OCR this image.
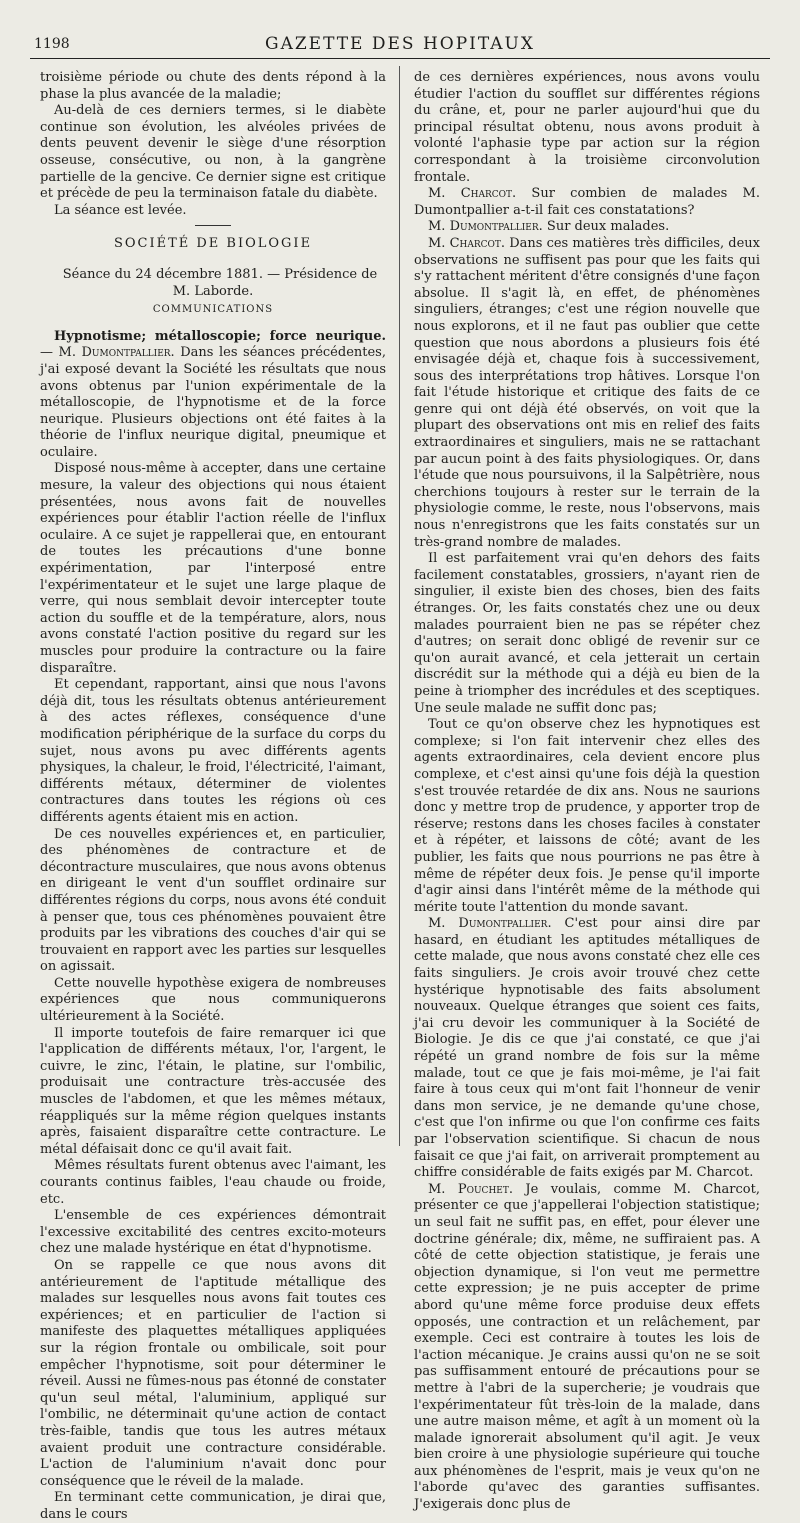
1198	GAZETTE DES HOPITAUX

troisième période ou chute des dents répond à la phase la plus avancée de la maladie;

Au-delà de ces derniers termes, si le diabète continue son évolution, les alvéoles privées de dents peuvent devenir le siège d'une résorption osseuse, consécutive, ou non, à la gangrène partielle de la gencive. Ce dernier signe est critique et précède de peu la terminaison fatale du diabète.

La séance est levée.

SOCIÉTÉ DE BIOLOGIE

Séance du 24 décembre 1881. — Présidence de M. Laborde.

COMMUNICATIONS

Hypnotisme; métalloscopie; force neurique. — M. Dumontpallier. Dans les séances précédentes, j'ai exposé devant la Société les résultats que nous avons obtenus par l'union expérimentale de la métalloscopie, de l'hypnotisme et de la force neurique. Plusieurs objections ont été faites à la théorie de l'influx neurique digital, pneumique et oculaire.

Disposé nous-même à accepter, dans une certaine mesure, la valeur des objections qui nous étaient présentées, nous avons fait de nouvelles expériences pour établir l'action réelle de l'influx oculaire. A ce sujet je rappellerai que, en entourant de toutes les précautions d'une bonne expérimentation, par l'interposé entre l'expérimentateur et le sujet une large plaque de verre, qui nous semblait devoir intercepter toute action du souffle et de la température, alors, nous avons constaté l'action positive du regard sur les muscles pour produire la contracture ou la faire disparaître.

Et cependant, rapportant, ainsi que nous l'avons déjà dit, tous les résultats obtenus antérieurement à des actes réflexes, conséquence d'une modification périphérique de la surface du corps du sujet, nous avons pu avec différents agents physiques, la chaleur, le froid, l'électricité, l'aimant, différents métaux, déterminer de violentes contractures dans toutes les régions où ces différents agents étaient mis en action.

De ces nouvelles expériences et, en particulier, des phénomènes de contracture et de décontracture musculaires, que nous avons obtenus en dirigeant le vent d'un soufflet ordinaire sur différentes régions du corps, nous avons été conduit à penser que, tous ces phénomènes pouvaient être produits par les vibrations des couches d'air qui se trouvaient en rapport avec les parties sur lesquelles on agissait.

Cette nouvelle hypothèse exigera de nombreuses expériences que nous communiquerons ultérieurement à la Société.

Il importe toutefois de faire remarquer ici que l'application de différents métaux, l'or, l'argent, le cuivre, le zinc, l'étain, le platine, sur l'ombilic, produisait une contracture très-accusée des muscles de l'abdomen, et que les mêmes métaux, réappliqués sur la même région quelques instants après, faisaient disparaître cette contracture. Le métal défaisait donc ce qu'il avait fait.

Mêmes résultats furent obtenus avec l'aimant, les courants continus faibles, l'eau chaude ou froide, etc.

L'ensemble de ces expériences démontrait l'excessive excitabilité des centres excito-moteurs chez une malade hystérique en état d'hypnotisme.

On se rappelle ce que nous avons dit antérieurement de l'aptitude métallique des malades sur lesquelles nous avons fait toutes ces expériences; et en particulier de l'action si manifeste des plaquettes métalliques appliquées sur la région frontale ou ombilicale, soit pour empêcher l'hypnotisme, soit pour déterminer le réveil. Aussi ne fûmes-nous pas étonné de constater qu'un seul métal, l'aluminium, appliqué sur l'ombilic, ne déterminait qu'une action de contact très-faible, tandis que tous les autres métaux avaient produit une contracture considérable. L'action de l'aluminium n'avait donc pour conséquence que le réveil de la malade.

En terminant cette communication, je dirai que, dans le cours

de ces dernières expériences, nous avons voulu étudier l'action du soufflet sur différentes régions du crâne, et, pour ne parler aujourd'hui que du principal résultat obtenu, nous avons produit à volonté l'aphasie type par action sur la région correspondant à la troisième circonvolution frontale.

M. Charcot. Sur combien de malades M. Dumontpallier a-t-il fait ces constatations?

M. Dumontpallier. Sur deux malades.

M. Charcot. Dans ces matières très difficiles, deux observations ne suffisent pas pour que les faits qui s'y rattachent méritent d'être consignés d'une façon absolue. Il s'agit là, en effet, de phénomènes singuliers, étranges; c'est une région nouvelle que nous explorons, et il ne faut pas oublier que cette question que nous abordons a plusieurs fois été envisagée déjà et, chaque fois à successivement, sous des interprétations trop hâtives. Lorsque l'on fait l'étude historique et critique des faits de ce genre qui ont déjà été observés, on voit que la plupart des observations ont mis en relief des faits extraordinaires et singuliers, mais ne se rattachant par aucun point à des faits physiologiques. Or, dans l'étude que nous poursuivons, il la Salpêtrière, nous cherchions toujours à rester sur le terrain de la physiologie comme, le reste, nous l'observons, mais nous n'enregistrons que les faits constatés sur un très-grand nombre de malades.

Il est parfaitement vrai qu'en dehors des faits facilement constatables, grossiers, n'ayant rien de singulier, il existe bien des choses, bien des faits étranges. Or, les faits constatés chez une ou deux malades pourraient bien ne pas se répéter chez d'autres; on serait donc obligé de revenir sur ce qu'on aurait avancé, et cela jetterait un certain discrédit sur la méthode qui a déjà eu bien de la peine à triompher des incrédules et des sceptiques. Une seule malade ne suffit donc pas;

Tout ce qu'on observe chez les hypnotiques est complexe; si l'on fait intervenir chez elles des agents extraordinaires, cela devient encore plus complexe, et c'est ainsi qu'une fois déjà la question s'est trouvée retardée de dix ans. Nous ne saurions donc y mettre trop de prudence, y apporter trop de réserve; restons dans les choses faciles à constater et à répéter, et laissons de côté; avant de les publier, les faits que nous pourrions ne pas être à même de répéter deux fois. Je pense qu'il importe d'agir ainsi dans l'intérêt même de la méthode qui mérite toute l'attention du monde savant.

M. Dumontpallier. C'est pour ainsi dire par hasard, en étudiant les aptitudes métalliques de cette malade, que nous avons constaté chez elle ces faits singuliers. Je crois avoir trouvé chez cette hystérique hypnotisable des faits absolument nouveaux. Quelque étranges que soient ces faits, j'ai cru devoir les communiquer à la Société de Biologie. Je dis ce que j'ai constaté, ce que j'ai répété un grand nombre de fois sur la même malade, tout ce que je fais moi-même, je l'ai fait faire à tous ceux qui m'ont fait l'honneur de venir dans mon service, je ne demande qu'une chose, c'est que l'on infirme ou que l'on confirme ces faits par l'observation scientifique. Si chacun de nous faisait ce que j'ai fait, on arriverait promptement au chiffre considérable de faits exigés par M. Charcot.

M. Pouchet. Je voulais, comme M. Charcot, présenter ce que j'appellerai l'objection statistique; un seul fait ne suffit pas, en effet, pour élever une doctrine générale; dix, même, ne suffiraient pas. A côté de cette objection statistique, je ferais une objection dynamique, si l'on veut me permettre cette expression; je ne puis accepter de prime abord qu'une même force produise deux effets opposés, une contraction et un relâchement, par exemple. Ceci est contraire à toutes les lois de l'action mécanique. Je crains aussi qu'on ne se soit pas suffisamment entouré de précautions pour se mettre à l'abri de la supercherie; je voudrais que l'expérimentateur fût très-loin de la malade, dans une autre maison même, et agît à un moment où la malade ignorerait absolument qu'il agit. Je veux bien croire à une physiologie supérieure qui touche aux phénomènes de l'esprit, mais je veux qu'on ne l'aborde qu'avec des garanties suffisantes. J'exigerais donc plus de
